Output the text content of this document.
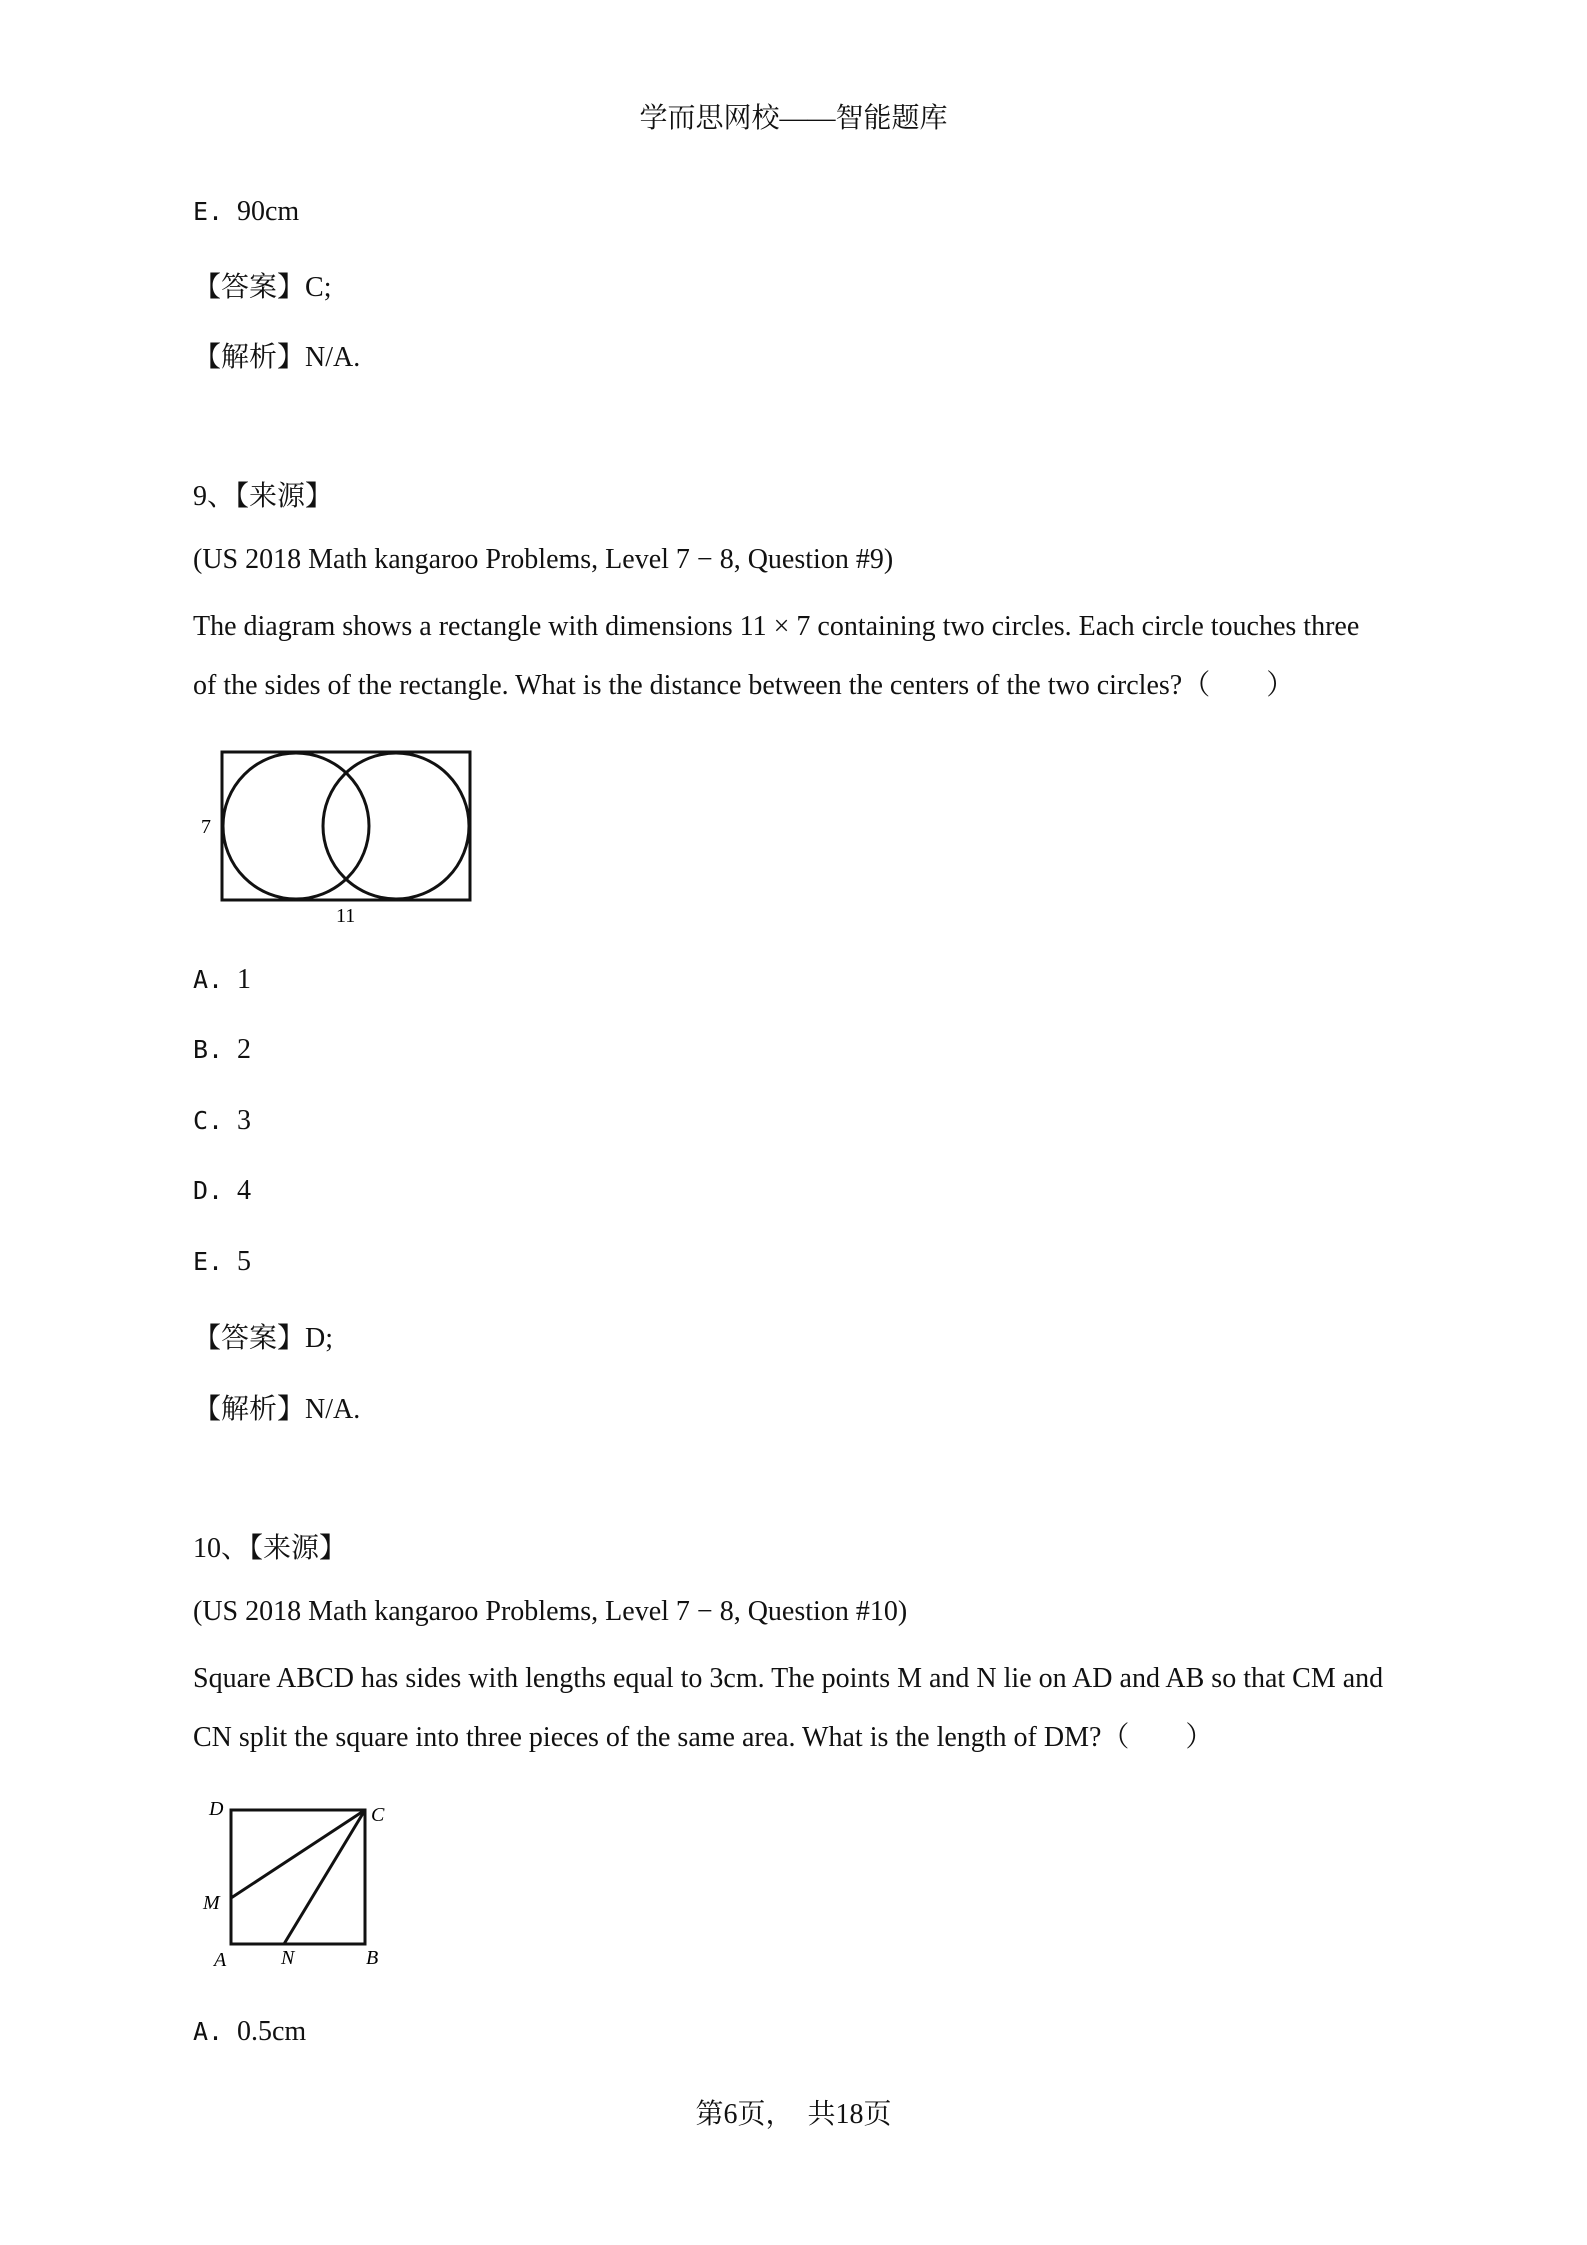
学而思网校——智能题库
E. 90cm
【答案】C;
【解析】N/A.
9、【来源】
(US 2018 Math kangaroo Problems, Level 7 − 8, Question #9)
The diagram shows a rectangle with dimensions 11 × 7 containing two circles. Each circle touches three
of the sides of the rectangle. What is the distance between the centers of the two circles?（　　）
7
11
A. 1
B. 2
C. 3
D. 4
E. 5
【答案】D;
【解析】N/A.
10、【来源】
(US 2018 Math kangaroo Problems, Level 7 − 8, Question #10)
Square ABCD has sides with lengths equal to 3cm. The points M and N lie on AD and AB so that CM and
CN split the square into three pieces of the same area. What is the length of DM?（　　）
D	C
M
A	N	B
A. 0.5cm
第6页，　共18页
